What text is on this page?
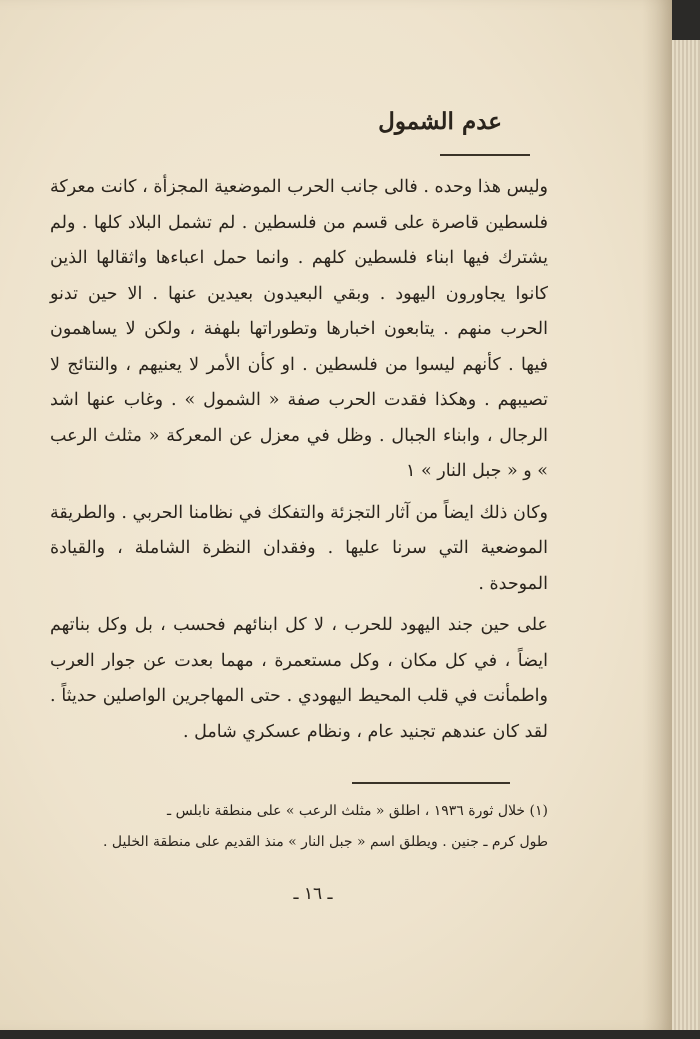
عدم الشمول

وليس هذا وحده . فالى جانب الحرب الموضعية المجزأة ، كانت معركة فلسطين قاصرة على قسم من فلسطين . لم تشمل البلاد كلها . ولم يشترك فيها ابناء فلسطين كلهم . وانما حمل اعباءها واثقالها الذين كانوا يجاورون اليهود . وبقي البعيدون بعيدين عنها . الا حين تدنو الحرب منهم . يتابعون اخبارها وتطوراتها بلهفة ، ولكن لا يساهمون فيها . كأنهم ليسوا من فلسطين . او كأن الأمر لا يعنيهم ، والنتائج لا تصيبهم . وهكذا فقدت الحرب صفة « الشمول » . وغاب عنها اشد الرجال ، وابناء الجبال . وظل في معزل عن المعركة « مثلث الرعب » و « جبل النار » ١

وكان ذلك ايضاً من آثار التجزئة والتفكك في نظامنا الحربي . والطريقة الموضعية التي سرنا عليها . وفقدان النظرة الشاملة ، والقيادة الموحدة .

على حين جند اليهود للحرب ، لا كل ابنائهم فحسب ، بل وكل بناتهم ايضاً ، في كل مكان ، وكل مستعمرة ، مهما بعدت عن جوار العرب واطمأنت في قلب المحيط اليهودي . حتى المهاجرين الواصلين حديثاً . لقد كان عندهم تجنيد عام ، ونظام عسكري شامل .

(١) خلال ثورة ١٩٣٦ ، اطلق « مثلث الرعب » على منطقة نابلس ـ
طول كرم ـ جنين . ويطلق اسم « جبل النار » منذ القديم على منطقة الخليل .
ـ ١٦ ـ
